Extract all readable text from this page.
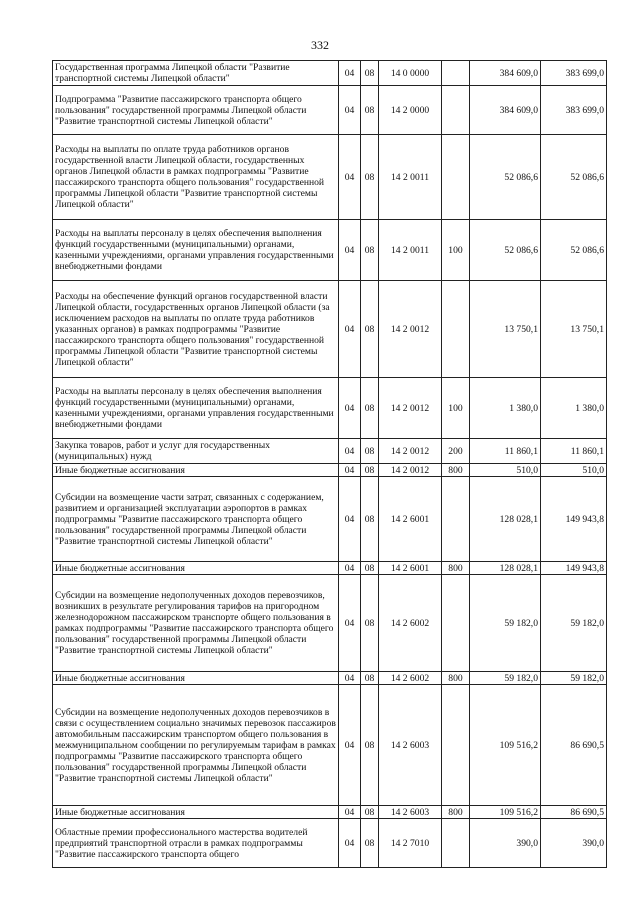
332
Государственная программа Липецкой области "Развитие транспортной системы Липецкой области"	04	08	14 0 0000		384 609,0	383 699,0
Подпрограмма "Развитие пассажирского транспорта общего пользования" государственной программы Липецкой области "Развитие транспортной системы Липецкой области"	04	08	14 2 0000		384 609,0	383 699,0
Расходы на выплаты по оплате труда работников органов государственной власти Липецкой области, государственных органов Липецкой области в рамках подпрограммы "Развитие пассажирского транспорта общего пользования" государственной программы Липецкой области "Развитие транспортной системы Липецкой области"	04	08	14 2 0011		52 086,6	52 086,6
Расходы на выплаты персоналу в целях обеспечения выполнения функций государственными (муниципальными) органами, казенными учреждениями, органами управления государственными внебюджетными фондами	04	08	14 2 0011	100	52 086,6	52 086,6
Расходы на обеспечение функций органов государственной власти Липецкой области, государственных органов Липецкой области (за исключением расходов на выплаты по оплате труда работников указанных органов) в рамках подпрограммы "Развитие пассажирского транспорта общего пользования" государственной программы Липецкой области "Развитие транспортной системы Липецкой области"	04	08	14 2 0012		13 750,1	13 750,1
Расходы на выплаты персоналу в целях обеспечения выполнения функций государственными (муниципальными) органами, казенными учреждениями, органами управления государственными внебюджетными фондами	04	08	14 2 0012	100	1 380,0	1 380,0
Закупка товаров, работ и услуг для государственных (муниципальных) нужд	04	08	14 2 0012	200	11 860,1	11 860,1
Иные бюджетные ассигнования	04	08	14 2 0012	800	510,0	510,0
Субсидии на возмещение части затрат, связанных с содержанием, развитием и организацией эксплуатации аэропортов в рамках подпрограммы "Развитие пассажирского транспорта общего пользования" государственной программы Липецкой области "Развитие транспортной системы Липецкой области"	04	08	14 2 6001		128 028,1	149 943,8
Иные бюджетные ассигнования	04	08	14 2 6001	800	128 028,1	149 943,8
Субсидии на возмещение недополученных доходов перевозчиков, возникших в результате регулирования тарифов на пригородном железнодорожном пассажирском транспорте общего пользования в рамках подпрограммы "Развитие пассажирского транспорта общего пользования" государственной программы Липецкой области "Развитие транспортной системы Липецкой области"	04	08	14 2 6002		59 182,0	59 182,0
Иные бюджетные ассигнования	04	08	14 2 6002	800	59 182,0	59 182,0
Субсидии на возмещение недополученных доходов перевозчиков в связи с осуществлением социально значимых перевозок пассажиров автомобильным пассажирским транспортом общего пользования в межмуниципальном сообщении по регулируемым тарифам в рамках подпрограммы "Развитие пассажирского транспорта общего пользования" государственной программы Липецкой области "Развитие транспортной системы Липецкой области"	04	08	14 2 6003		109 516,2	86 690,5
Иные бюджетные ассигнования	04	08	14 2 6003	800	109 516,2	86 690,5
Областные премии профессионального мастерства водителей предприятий транспортной отрасли в рамках подпрограммы "Развитие пассажирского транспорта общего	04	08	14 2 7010		390,0	390,0
